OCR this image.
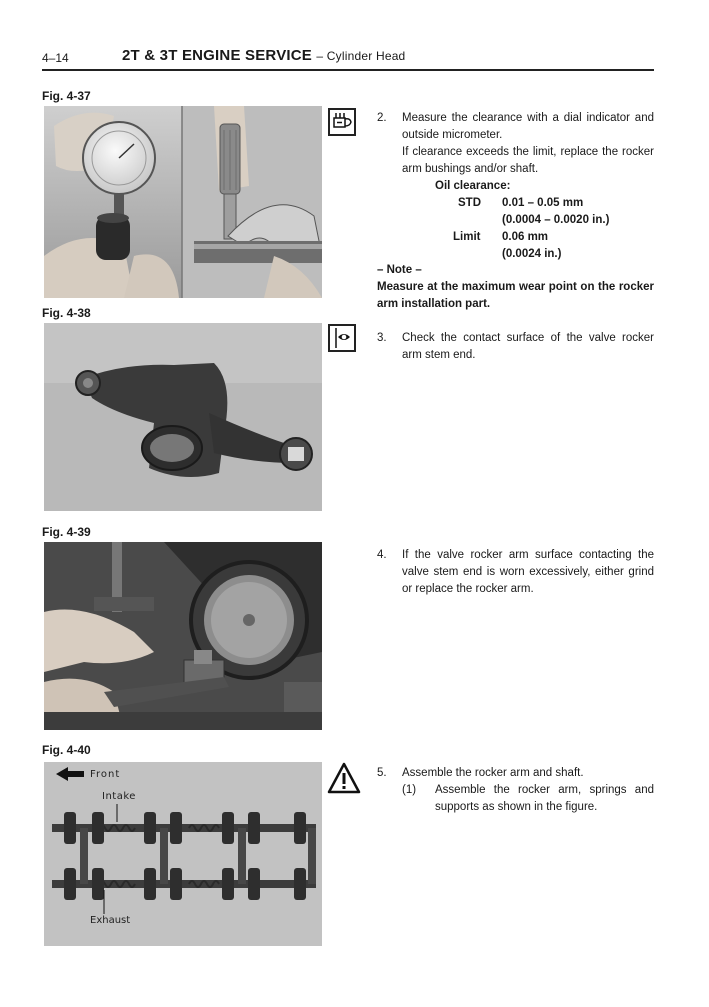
4–14	2T & 3T ENGINE SERVICE – Cylinder Head
Fig. 4-37
Fig. 4-38
Fig. 4-39
Fig. 4-40
Front
Intake
Exhaust
2.	Measure the clearance with a dial indicator and outside micrometer.
If clearance exceeds the limit, replace the rocker arm bushings and/or shaft.
Oil clearance:
STD 0.01 – 0.05 mm
(0.0004 – 0.0020 in.)
Limit 0.06 mm
(0.0024 in.)
– Note –
Measure at the maximum wear point on the rocker arm installation part.
3.	Check the contact surface of the valve rocker arm stem end.
4.	If the valve rocker arm surface contacting the valve stem end is worn excessively, either grind or replace the rocker arm.
5.	Assemble the rocker arm and shaft.
(1) Assemble the rocker arm, springs and supports as shown in the figure.
